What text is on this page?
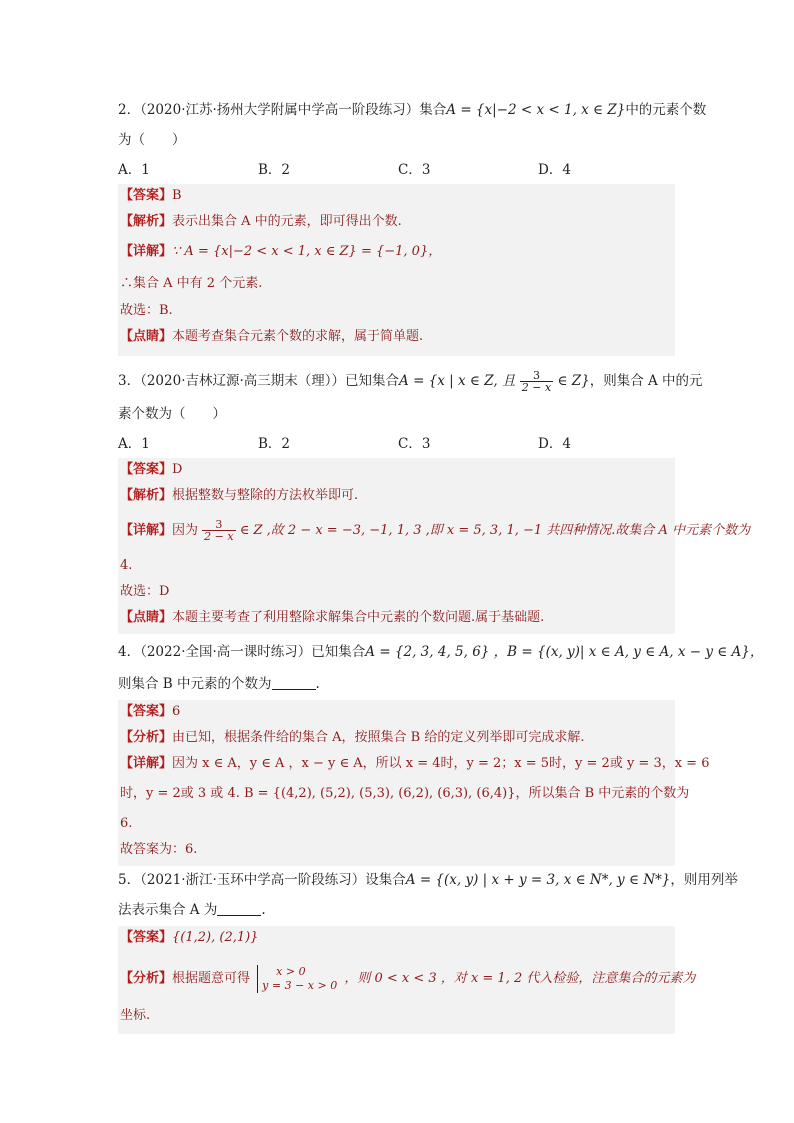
2．（2020·江苏·扬州大学附属中学高一阶段练习）集合A = {x|−2 < x < 1, x ∈ Z}中的元素个数
为（　　）
A．1	B．2	C．3	D．4
【答案】B
【解析】表示出集合 A 中的元素，即可得出个数.
【详解】∵ A = {x|−2 < x < 1, x ∈ Z} = {−1, 0}，
∴集合 A 中有 2 个元素.
故选：B.
【点睛】本题考查集合元素个数的求解，属于简单题.
3．（2020·吉林辽源·高三期末（理））已知集合A = {x | x ∈ Z, 且 $\frac{3}{2 - x}$ ∈ Z}，则集合 A 中的元
素个数为（　　）
A．1	B．2	C．3	D．4
【答案】D
【解析】根据整数与整除的方法枚举即可.
【详解】因为 $\frac{3}{2 - x}$ ∈ Z ,故 2 − x = −3, −1, 1, 3 ,即 x = 5, 3, 1, −1 共四种情况.故集合 A 中元素个数为
4.
故选：D
【点睛】本题主要考查了利用整除求解集合中元素的个数问题.属于基础题.
4．（2022·全国·高一课时练习）已知集合A = {2, 3, 4, 5, 6} ，B = {(x, y)| x ∈ A, y ∈ A, x − y ∈ A}，
则集合 B 中元素的个数为	.
【答案】6
【分析】由已知，根据条件给的集合 A，按照集合 B 给的定义列举即可完成求解.
【详解】因为 x ∈ A，y ∈ A ，x − y ∈ A，所以 x = 4时，y = 2；x = 5时，y = 2或 y = 3，x = 6
时，y = 2或 3 或 4. B = {(4,2), (5,2), (5,3), (6,2), (6,3), (6,4)}，所以集合 B 中元素的个数为
6.
故答案为：6.
5．（2021·浙江·玉环中学高一阶段练习）设集合A = {(x, y) | x + y = 3, x ∈ N*, y ∈ N*}，则用列举
法表示集合 A 为	.
【答案】{(1,2), (2,1)}
【分析】根据题意可得	x > 0
y = 3 − x > 0 ，则 0 < x < 3 ，对 x = 1, 2 代入检验，注意集合的元素为
坐标.
